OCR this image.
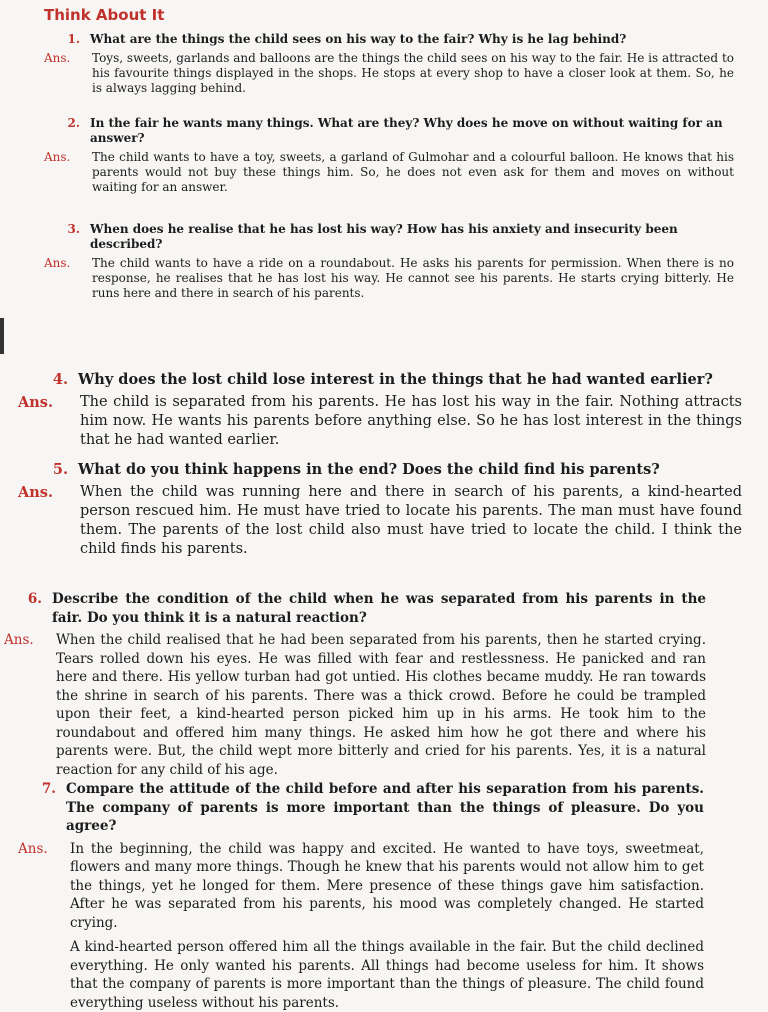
Think About It
1. What are the things the child sees on his way to the fair? Why is he lag behind?
Ans.	Toys, sweets, garlands and balloons are the things the child sees on his way to the fair. He is attracted to his favourite things displayed in the shops. He stops at every shop to have a closer look at them. So, he is always lagging behind.
2. In the fair he wants many things. What are they? Why does he move on without waiting for an answer?
Ans.	The child wants to have a toy, sweets, a garland of Gulmohar and a colourful balloon. He knows that his parents would not buy these things him. So, he does not even ask for them and moves on without waiting for an answer.
3. When does he realise that he has lost his way? How has his anxiety and insecurity been described?
Ans.	The child wants to have a ride on a roundabout. He asks his parents for permission. When there is no response, he realises that he has lost his way. He cannot see his parents. He starts crying bitterly. He runs here and there in search of his parents.
4. Why does the lost child lose interest in the things that he had wanted earlier?
Ans.	The child is separated from his parents. He has lost his way in the fair. Nothing attracts him now. He wants his parents before anything else. So he has lost interest in the things that he had wanted earlier.
5. What do you think happens in the end? Does the child find his parents?
Ans.	When the child was running here and there in search of his parents, a kind-hearted person rescued him. He must have tried to locate his parents. The man must have found them. The parents of the lost child also must have tried to locate the child. I think the child finds his parents.
6. Describe the condition of the child when he was separated from his parents in the fair. Do you think it is a natural reaction?
Ans.	When the child realised that he had been separated from his parents, then he started crying. Tears rolled down his eyes. He was filled with fear and restlessness. He panicked and ran here and there. His yellow turban had got untied. His clothes became muddy. He ran towards the shrine in search of his parents. There was a thick crowd. Before he could be trampled upon their feet, a kind-hearted person picked him up in his arms. He took him to the roundabout and offered him many things. He asked him how he got there and where his parents were. But, the child wept more bitterly and cried for his parents. Yes, it is a natural reaction for any child of his age.
7. Compare the attitude of the child before and after his separation from his parents. The company of parents is more important than the things of pleasure. Do you agree?
Ans.	In the beginning, the child was happy and excited. He wanted to have toys, sweetmeat, flowers and many more things. Though he knew that his parents would not allow him to get the things, yet he longed for them. Mere presence of these things gave him satisfaction. After he was separated from his parents, his mood was completely changed. He started crying.
A kind-hearted person offered him all the things available in the fair. But the child declined everything. He only wanted his parents. All things had become useless for him. It shows that the company of parents is more important than the things of pleasure. The child found everything useless without his parents.
